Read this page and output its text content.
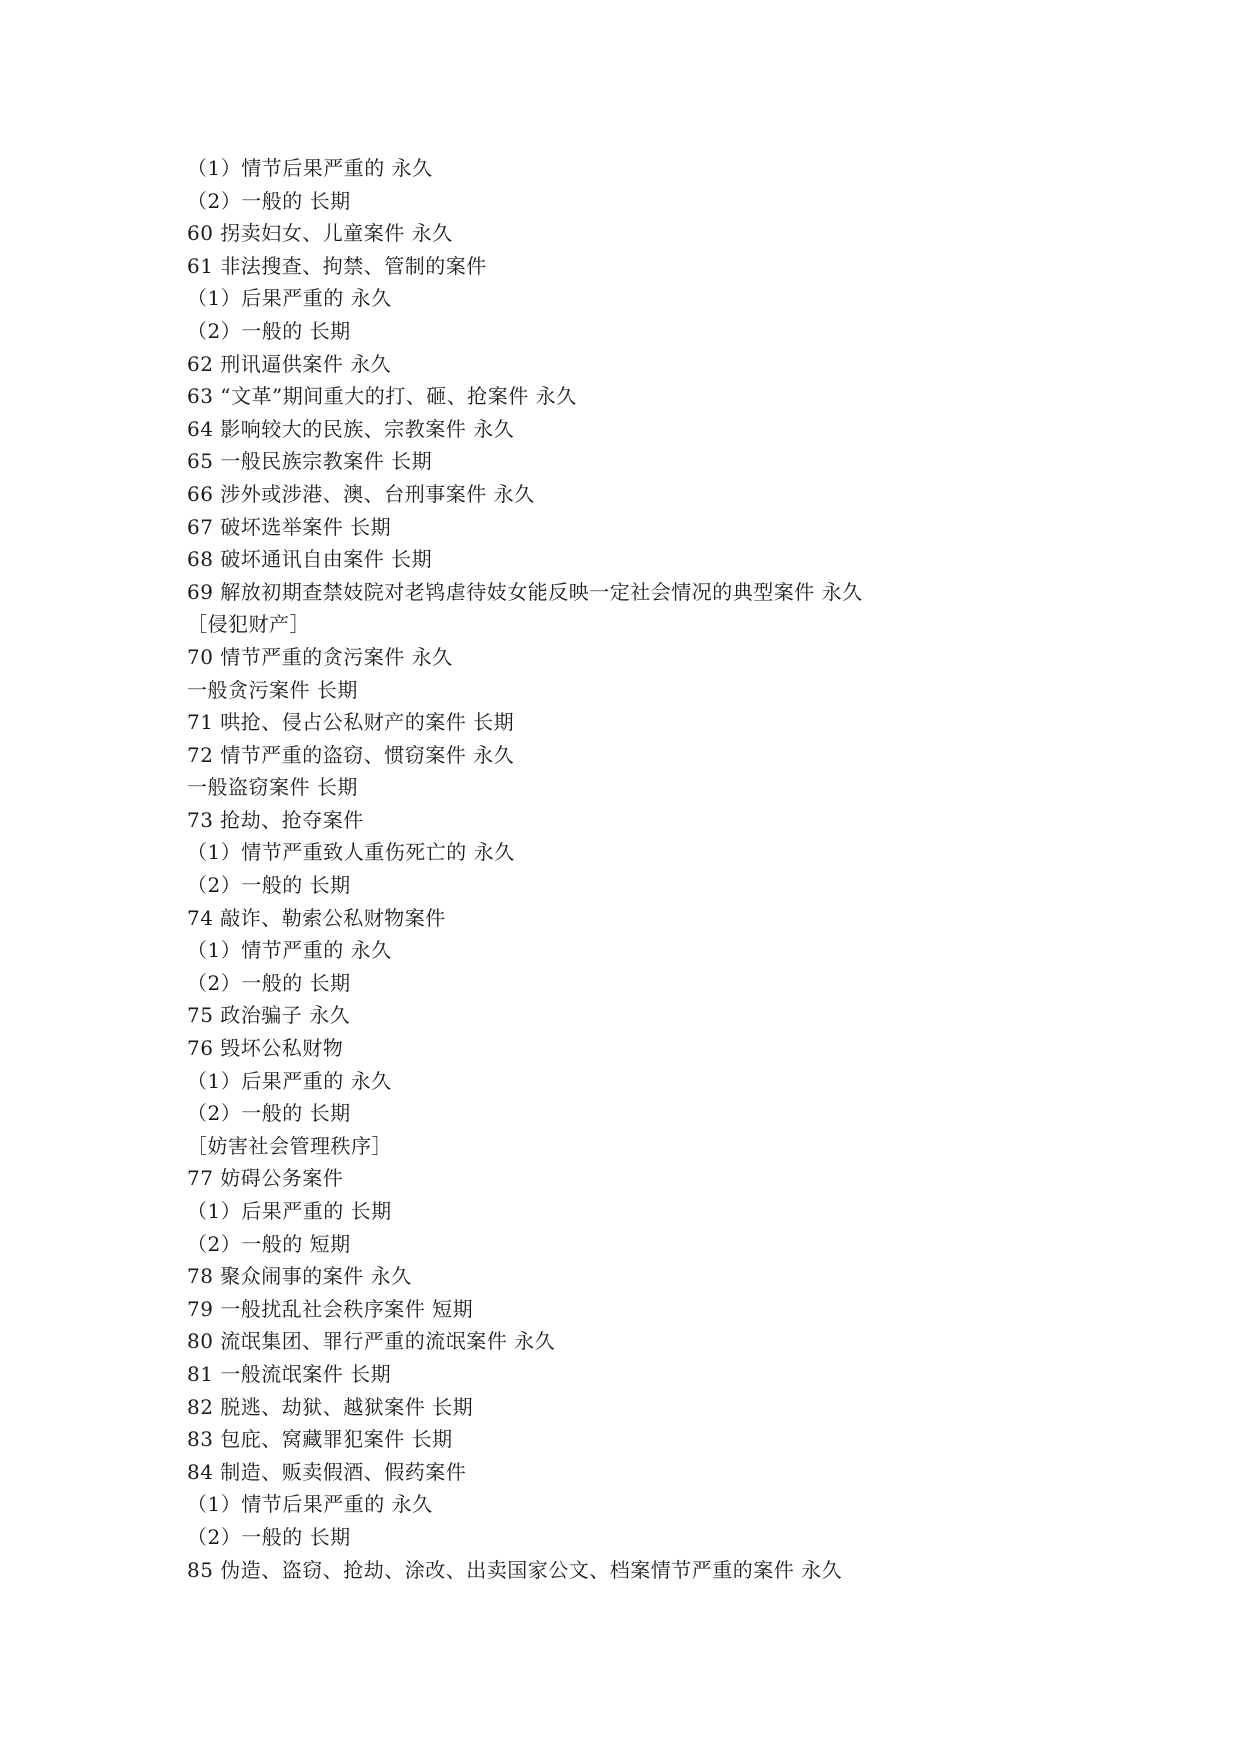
（1）情节后果严重的 永久
（2）一般的 长期
60 拐卖妇女、儿童案件 永久
61 非法搜查、拘禁、管制的案件
（1）后果严重的 永久
（2）一般的 长期
62 刑讯逼供案件 永久
63 “文革”期间重大的打、砸、抢案件 永久
64 影响较大的民族、宗教案件 永久
65 一般民族宗教案件 长期
66 涉外或涉港、澳、台刑事案件 永久
67 破坏选举案件 长期
68 破坏通讯自由案件 长期
69 解放初期查禁妓院对老鸨虐待妓女能反映一定社会情况的典型案件 永久
［侵犯财产］
70 情节严重的贪污案件 永久
一般贪污案件 长期
71 哄抢、侵占公私财产的案件 长期
72 情节严重的盗窃、惯窃案件 永久
一般盗窃案件 长期
73 抢劫、抢夺案件
（1）情节严重致人重伤死亡的 永久
（2）一般的 长期
74 敲诈、勒索公私财物案件
（1）情节严重的 永久
（2）一般的 长期
75 政治骗子 永久
76 毁坏公私财物
（1）后果严重的 永久
（2）一般的 长期
［妨害社会管理秩序］
77 妨碍公务案件
（1）后果严重的 长期
（2）一般的 短期
78 聚众闹事的案件 永久
79 一般扰乱社会秩序案件 短期
80 流氓集团、罪行严重的流氓案件 永久
81 一般流氓案件 长期
82 脱逃、劫狱、越狱案件 长期
83 包庇、窝藏罪犯案件 长期
84 制造、贩卖假酒、假药案件
（1）情节后果严重的 永久
（2）一般的 长期
85 伪造、盗窃、抢劫、涂改、出卖国家公文、档案情节严重的案件 永久
